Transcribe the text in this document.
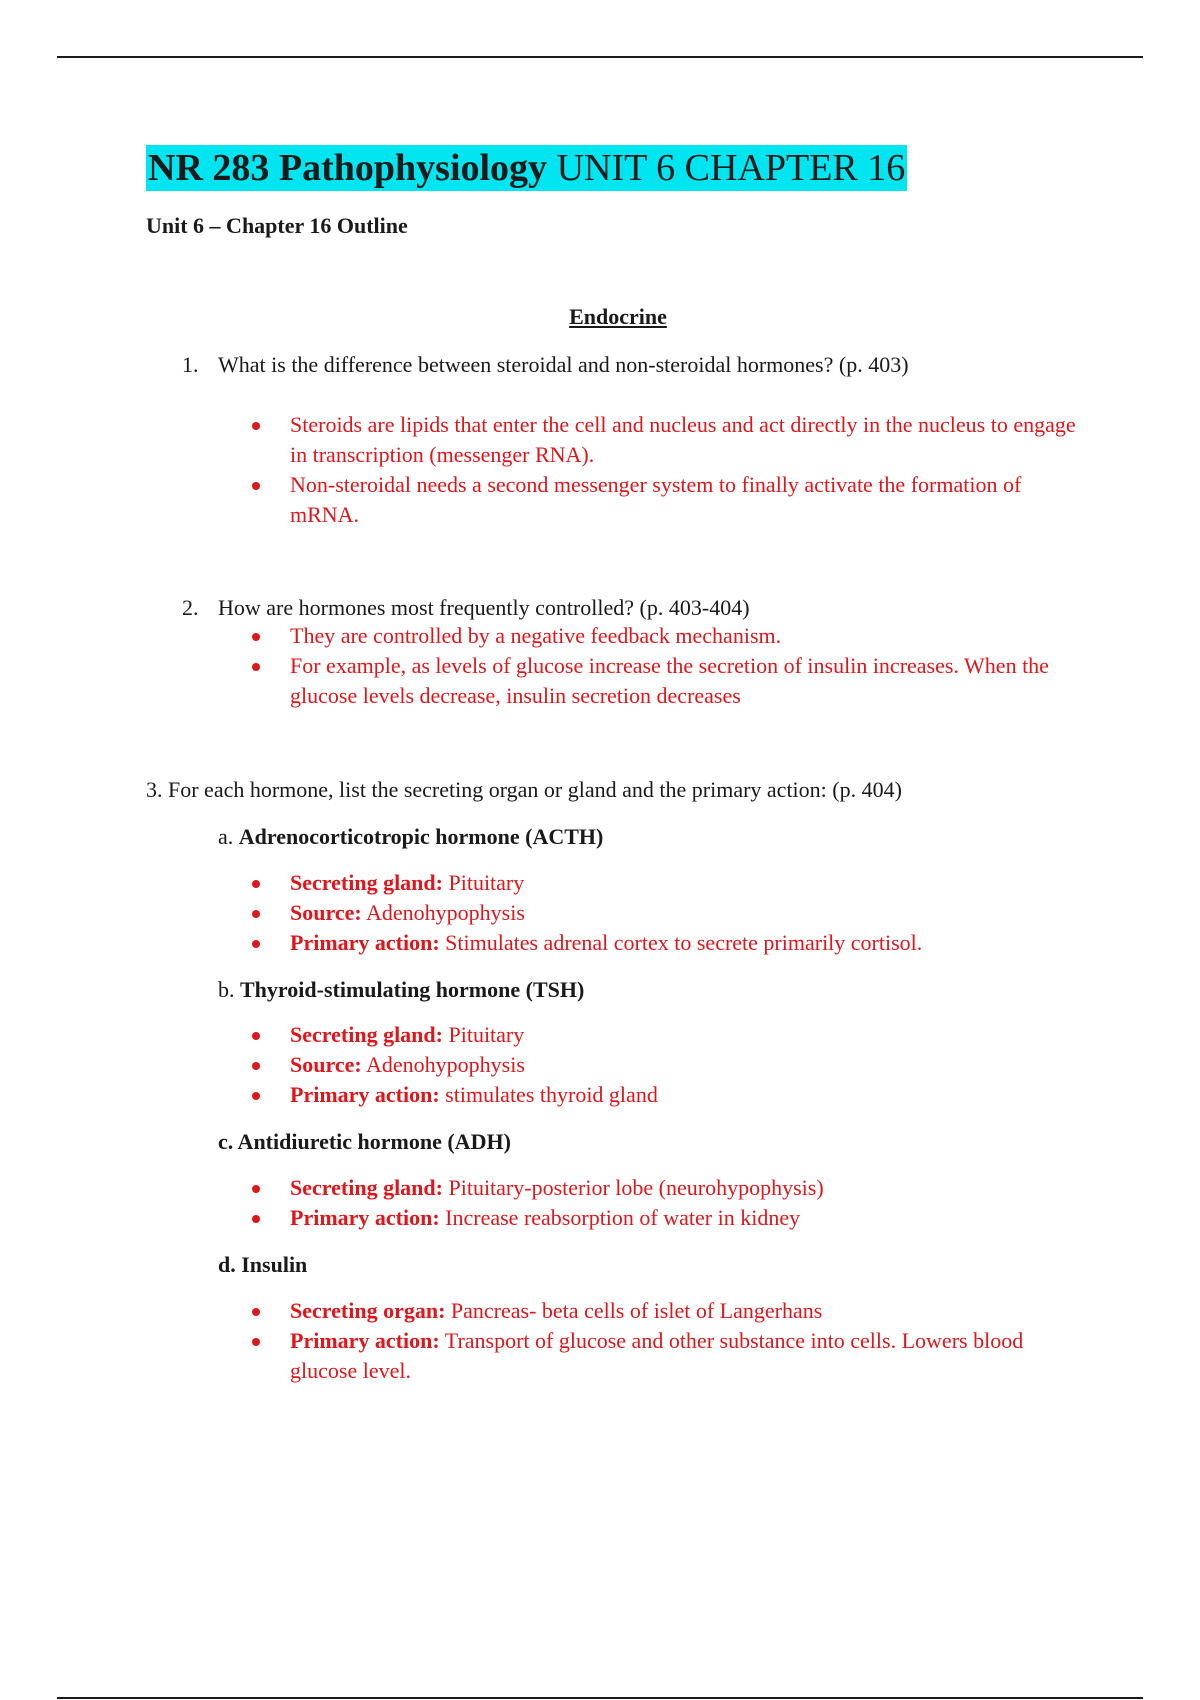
NR 283 Pathophysiology UNIT 6 CHAPTER 16
Unit 6 – Chapter 16 Outline
Endocrine
1. What is the difference between steroidal and non-steroidal hormones? (p. 403)
Steroids are lipids that enter the cell and nucleus and act directly in the nucleus to engage in transcription (messenger RNA).
Non-steroidal needs a second messenger system to finally activate the formation of mRNA.
2. How are hormones most frequently controlled? (p. 403-404)
They are controlled by a negative feedback mechanism.
For example, as levels of glucose increase the secretion of insulin increases. When the glucose levels decrease, insulin secretion decreases
3. For each hormone, list the secreting organ or gland and the primary action: (p. 404)
a. Adrenocorticotropic hormone (ACTH)
Secreting gland: Pituitary
Source: Adenohypophysis
Primary action: Stimulates adrenal cortex to secrete primarily cortisol.
b. Thyroid-stimulating hormone (TSH)
Secreting gland: Pituitary
Source: Adenohypophysis
Primary action: stimulates thyroid gland
c. Antidiuretic hormone (ADH)
Secreting gland: Pituitary-posterior lobe (neurohypophysis)
Primary action: Increase reabsorption of water in kidney
d. Insulin
Secreting organ: Pancreas- beta cells of islet of Langerhans
Primary action: Transport of glucose and other substance into cells. Lowers blood glucose level.
